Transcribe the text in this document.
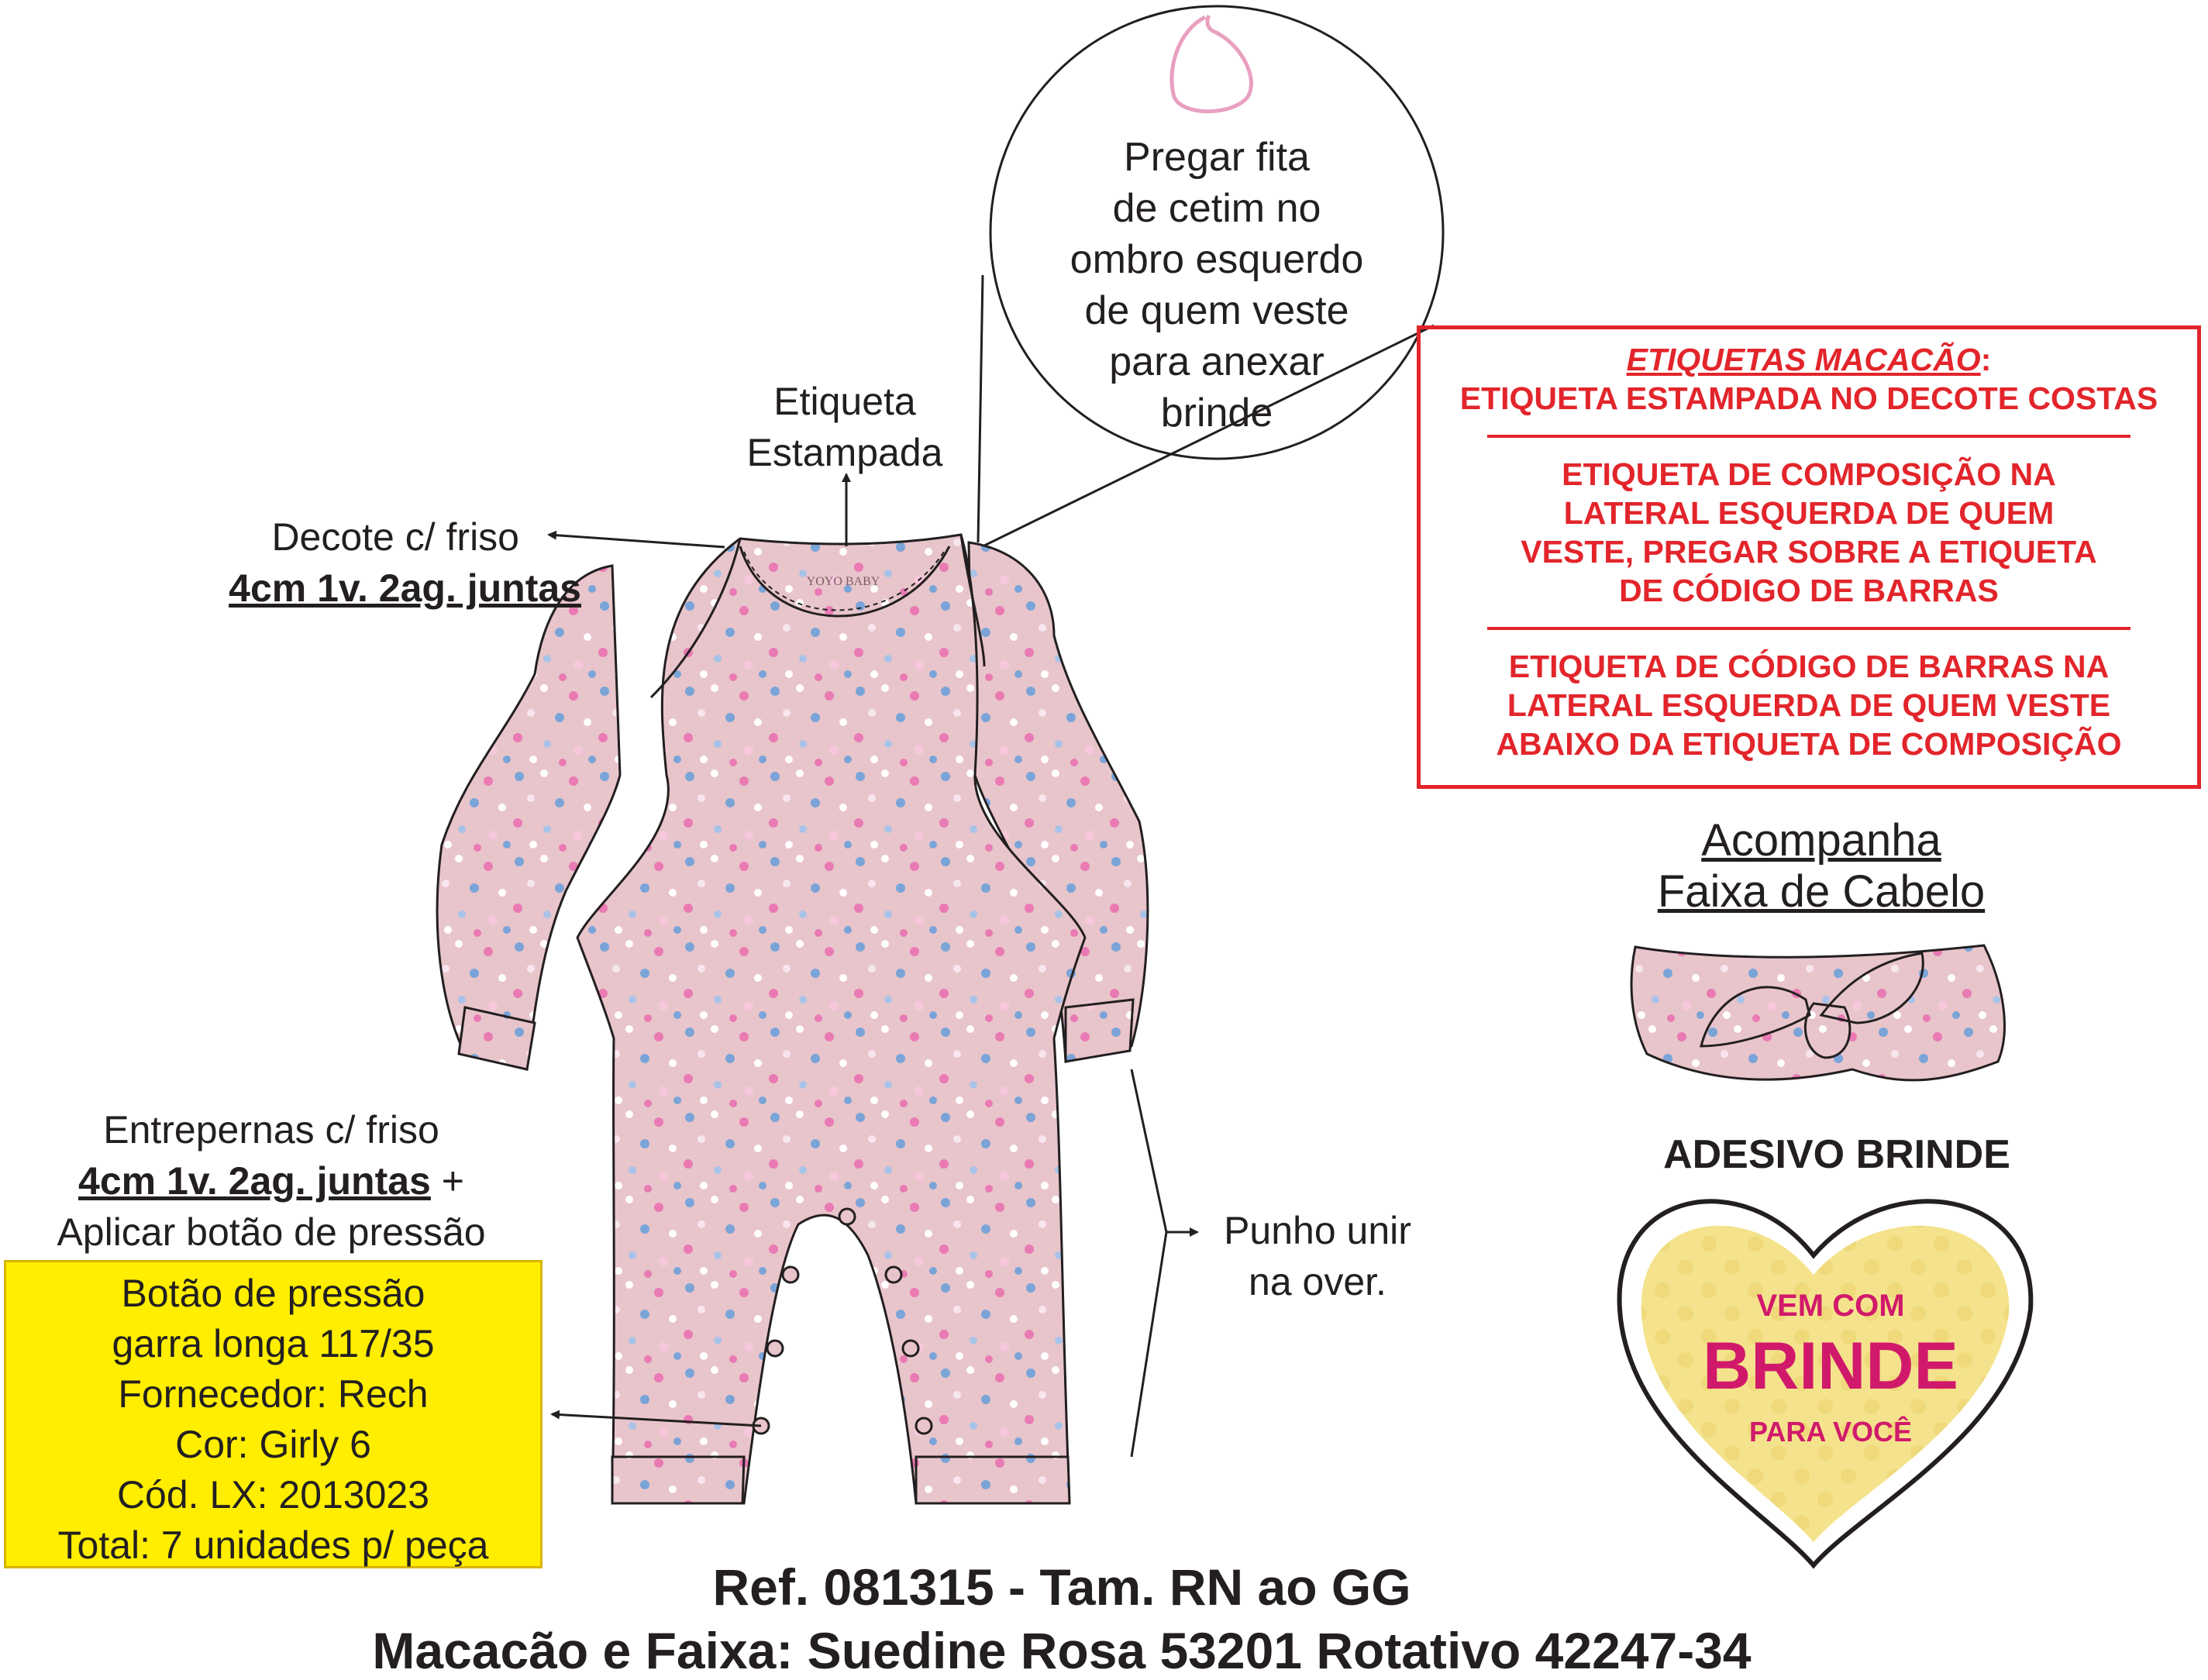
YOYO BABY
VEM COM
BRINDE
PARA VOCÊ
Pregar fita
de cetim no
ombro esquerdo
de quem veste
para anexar
brinde
Etiqueta
Estampada
Decote c/ friso
4cm 1v. 2ag. juntas
Entrepernas c/ friso
4cm 1v. 2ag. juntas +
Aplicar botão de pressão
Botão de pressão
garra longa 117/35
Fornecedor: Rech
Cor: Girly 6
Cód. LX: 2013023
Total: 7 unidades p/ peça
Punho unir
na over.
ETIQUETAS MACACÃO:
ETIQUETA ESTAMPADA NO DECOTE COSTAS
ETIQUETA DE COMPOSIÇÃO NA
LATERAL ESQUERDA DE QUEM
VESTE, PREGAR SOBRE A ETIQUETA
DE CÓDIGO DE BARRAS
ETIQUETA DE CÓDIGO DE BARRAS NA
LATERAL ESQUERDA DE QUEM VESTE
ABAIXO DA ETIQUETA DE COMPOSIÇÃO
Acompanha
Faixa de Cabelo
ADESIVO BRINDE
Ref. 081315 - Tam. RN ao GG
Macacão e Faixa: Suedine Rosa 53201 Rotativo 42247-34
